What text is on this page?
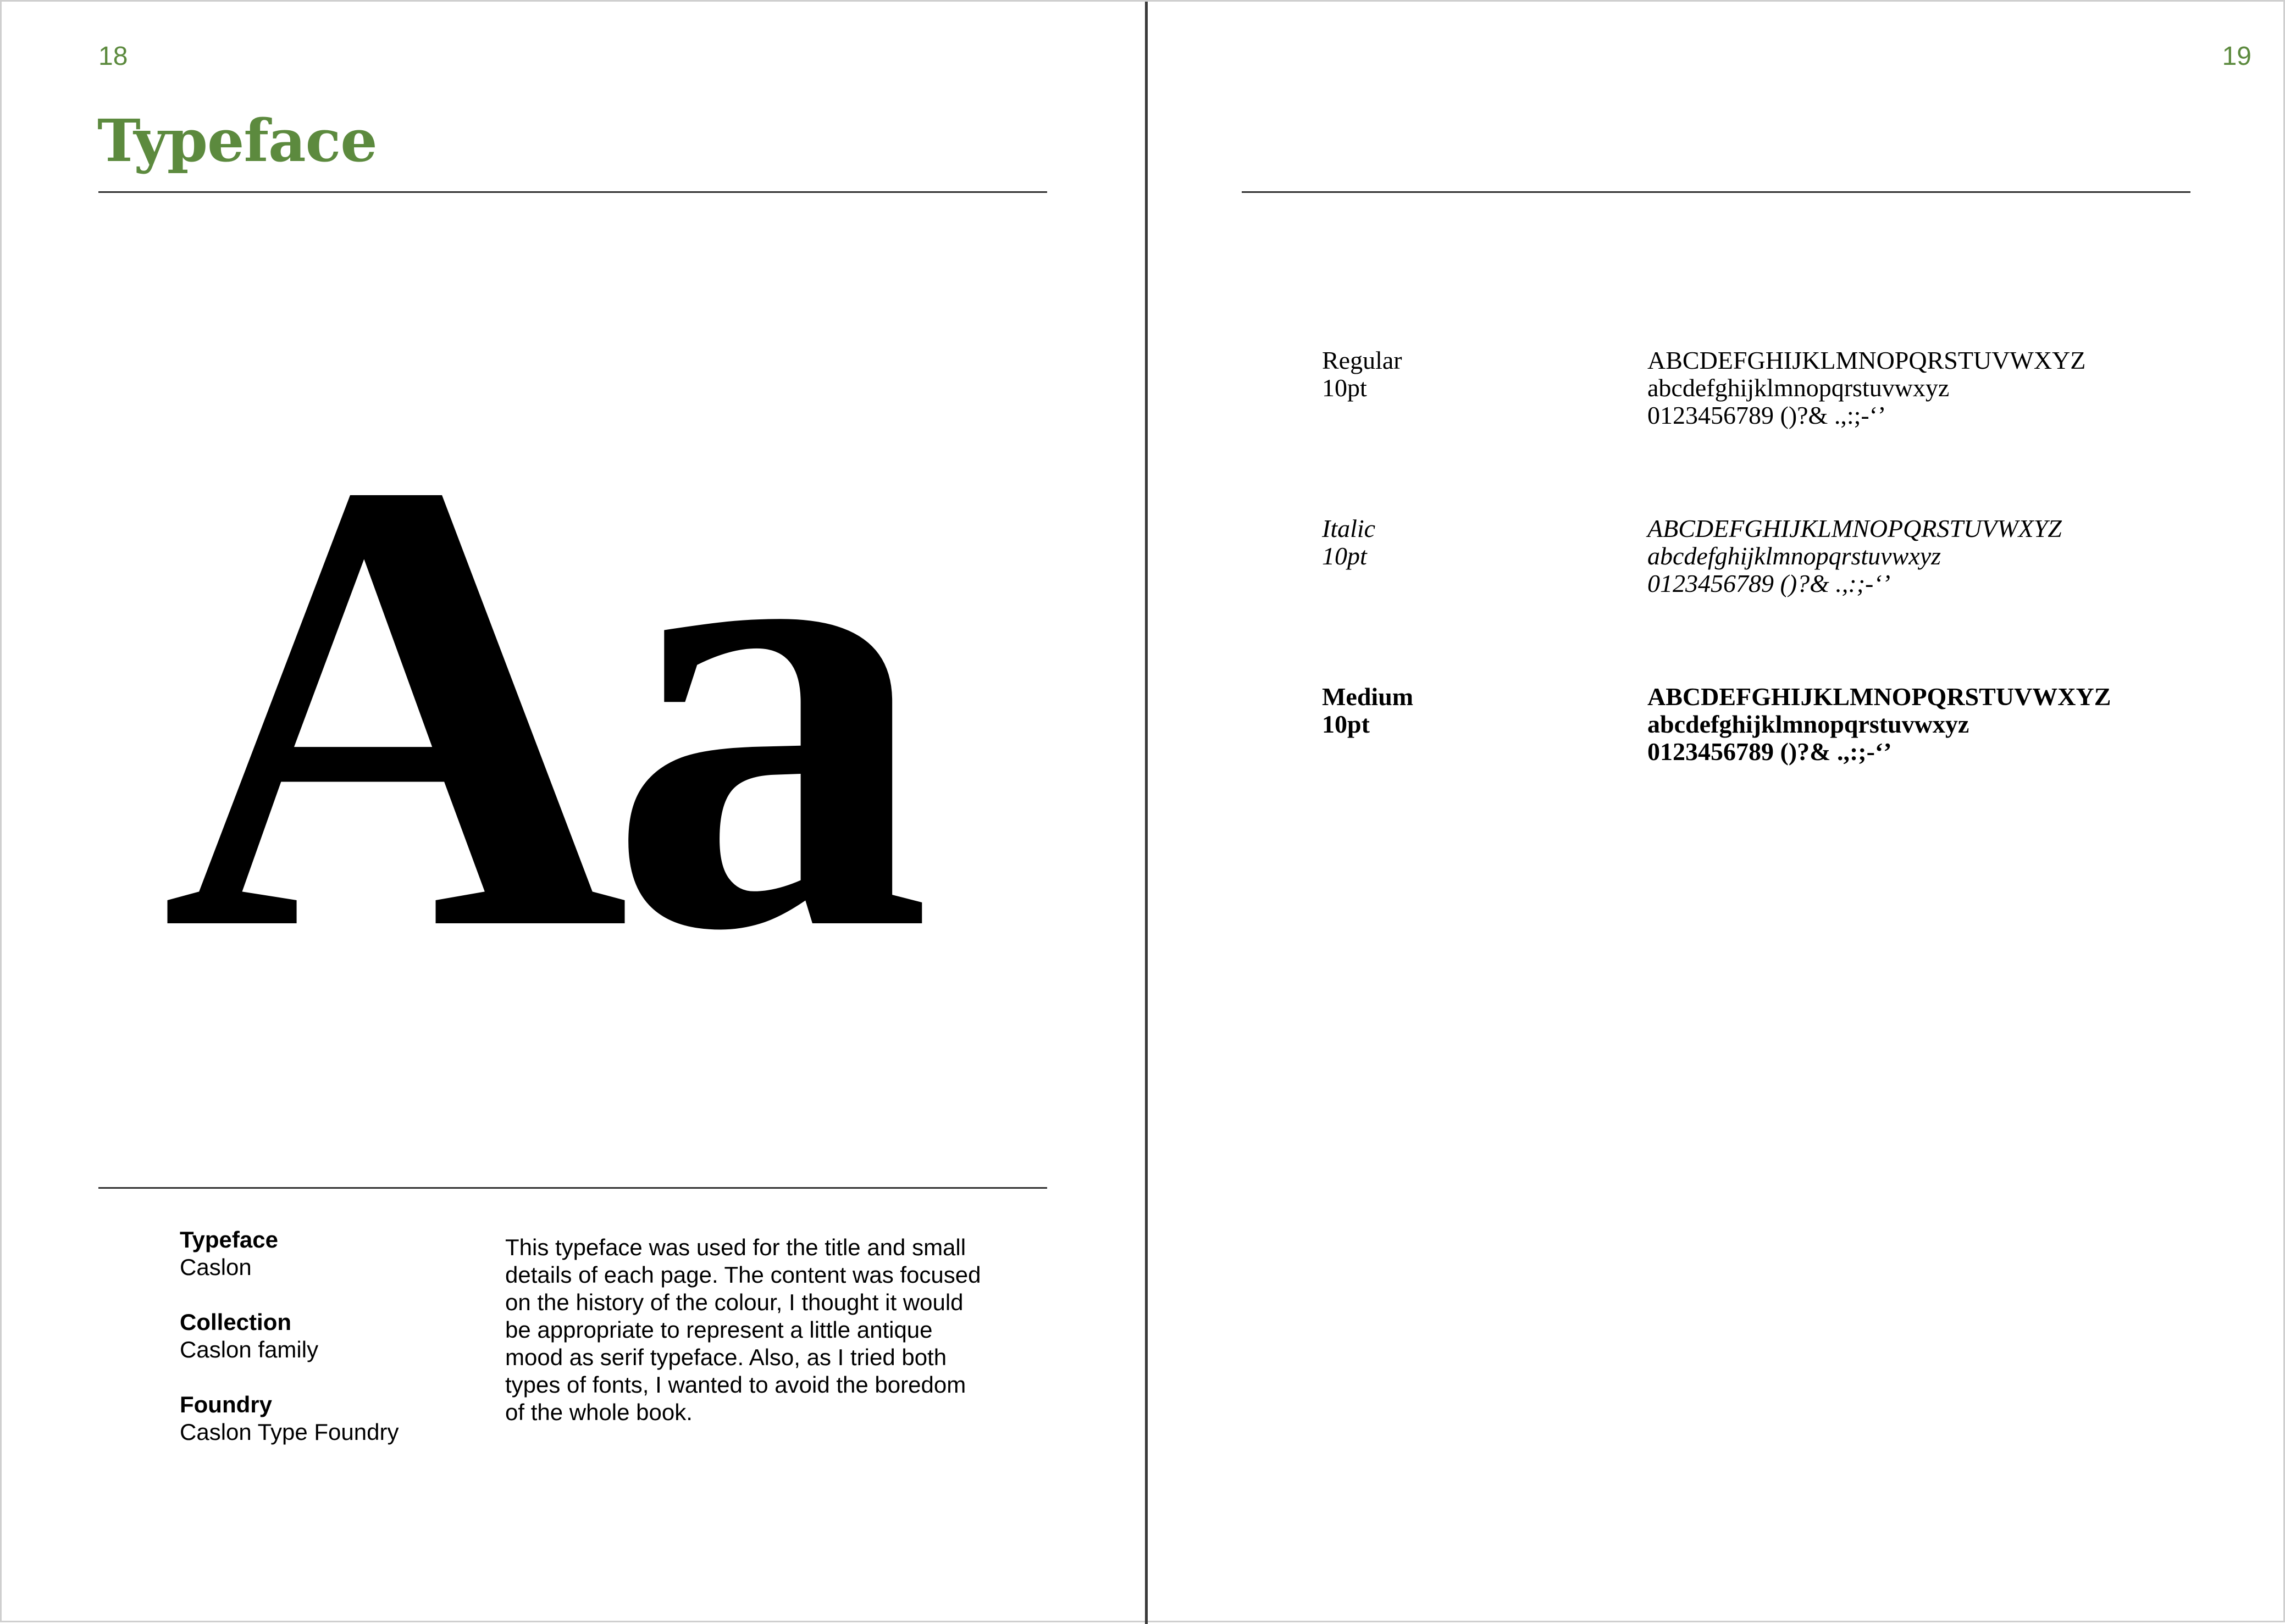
18
Typeface
Aa
Typeface
Caslon
Collection
Caslon family
Foundry
Caslon Type Foundry

This typeface was used for the title and small details of each page. The content was focused on the history of the colour, I thought it would be appropriate to represent a little antique mood as serif typeface. Also, as I tried both types of fonts, I wanted to avoid the boredom of the whole book.

19
Regular
10pt
ABCDEFGHIJKLMNOPQRSTUVWXYZ
abcdefghijklmnopqrstuvwxyz
0123456789 ()?& .,:;-‘’
Italic
10pt
ABCDEFGHIJKLMNOPQRSTUVWXYZ
abcdefghijklmnopqrstuvwxyz
0123456789 ()?& .,:;-‘’
Medium
10pt
ABCDEFGHIJKLMNOPQRSTUVWXYZ
abcdefghijklmnopqrstuvwxyz
0123456789 ()?& .,:;-‘’
